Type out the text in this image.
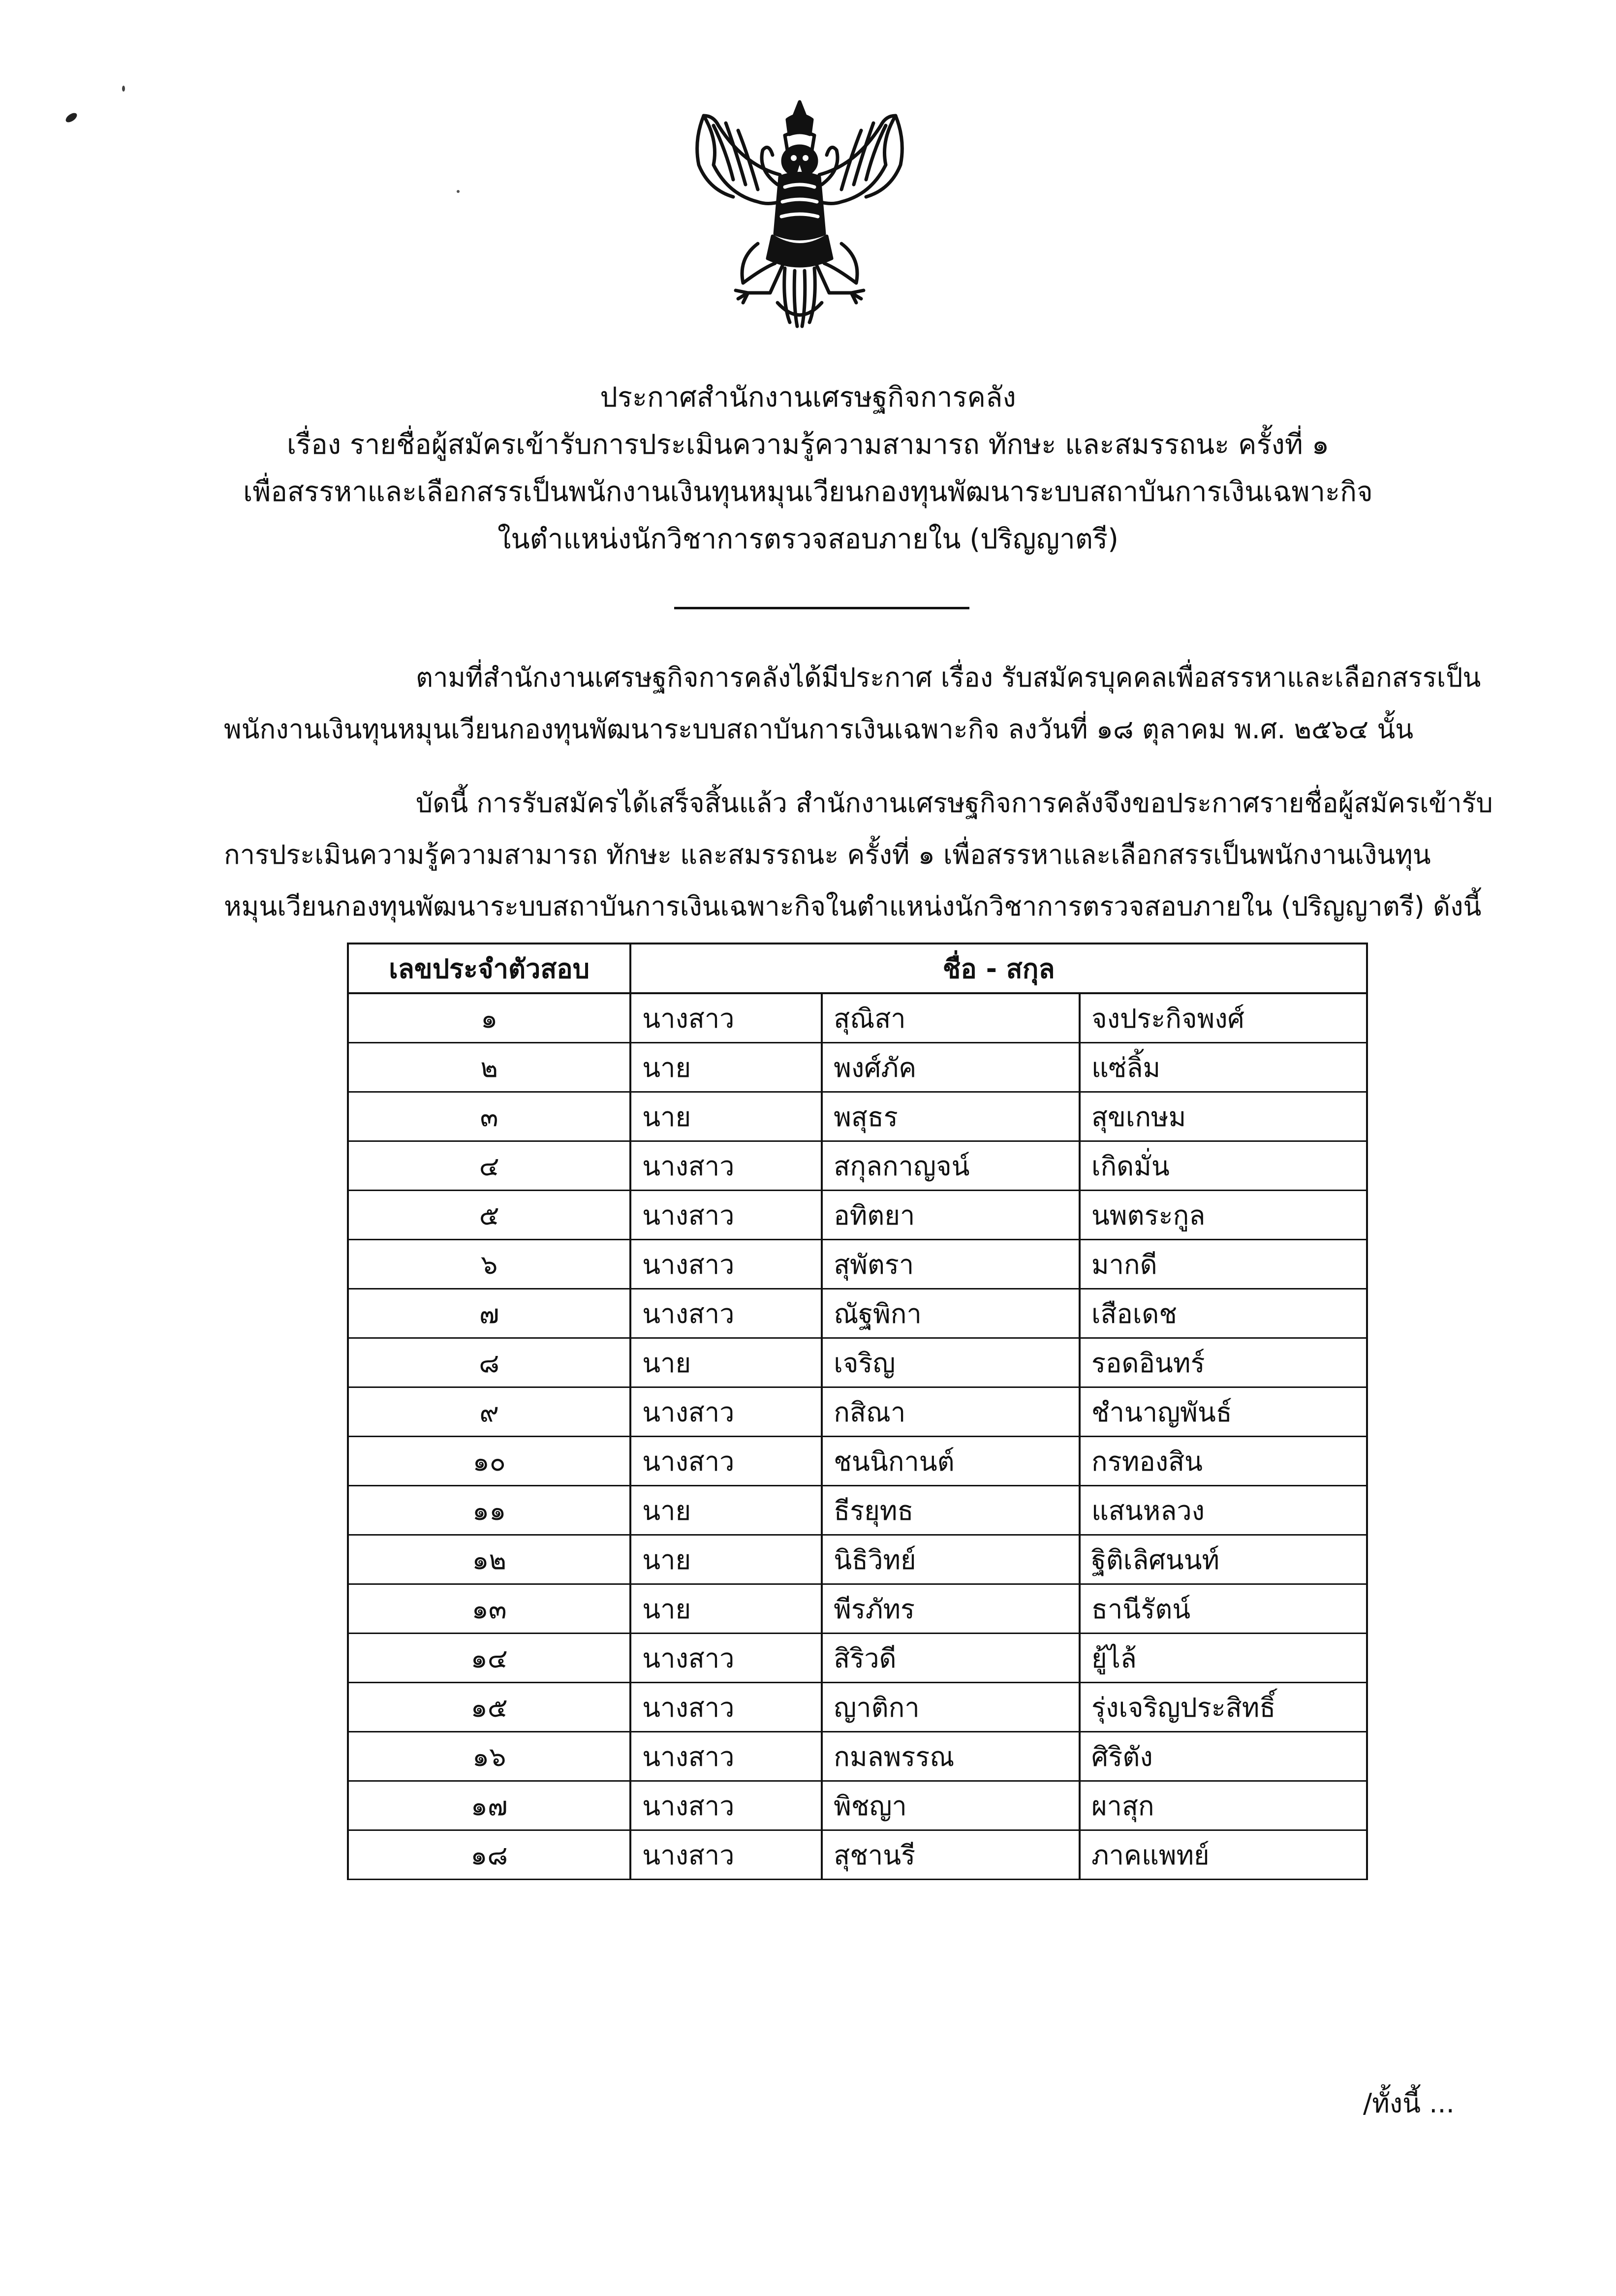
ประกาศสำนักงานเศรษฐกิจการคลัง
เรื่อง รายชื่อผู้สมัครเข้ารับการประเมินความรู้ความสามารถ ทักษะ และสมรรถนะ ครั้งที่ ๑
เพื่อสรรหาและเลือกสรรเป็นพนักงานเงินทุนหมุนเวียนกองทุนพัฒนาระบบสถาบันการเงินเฉพาะกิจ
ในตำแหน่งนักวิชาการตรวจสอบภายใน (ปริญญาตรี)
ตามที่สำนักงานเศรษฐกิจการคลังได้มีประกาศ เรื่อง รับสมัครบุคคลเพื่อสรรหาและเลือกสรรเป็น
พนักงานเงินทุนหมุนเวียนกองทุนพัฒนาระบบสถาบันการเงินเฉพาะกิจ ลงวันที่ ๑๘ ตุลาคม พ.ศ. ๒๕๖๔ นั้น
บัดนี้ การรับสมัครได้เสร็จสิ้นแล้ว สำนักงานเศรษฐกิจการคลังจึงขอประกาศรายชื่อผู้สมัครเข้ารับ
การประเมินความรู้ความสามารถ ทักษะ และสมรรถนะ ครั้งที่ ๑ เพื่อสรรหาและเลือกสรรเป็นพนักงานเงินทุน
หมุนเวียนกองทุนพัฒนาระบบสถาบันการเงินเฉพาะกิจในตำแหน่งนักวิชาการตรวจสอบภายใน (ปริญญาตรี) ดังนี้
เลขประจำตัวสอบ	ชื่อ - สกุล		
๑	นางสาว	สุณิสา	จงประกิจพงศ์
๒	นาย	พงศ์ภัค	แซ่ลิ้ม
๓	นาย	พสุธร	สุขเกษม
๔	นางสาว	สกุลกาญจน์	เกิดมั่น
๕	นางสาว	อทิตยา	นพตระกูล
๖	นางสาว	สุพัตรา	มากดี
๗	นางสาว	ณัฐพิกา	เสือเดช
๘	นาย	เจริญ	รอดอินทร์
๙	นางสาว	กสิณา	ชำนาญพันธ์
๑๐	นางสาว	ชนนิกานต์	กรทองสิน
๑๑	นาย	ธีรยุทธ	แสนหลวง
๑๒	นาย	นิธิวิทย์	ฐิติเลิศนนท์
๑๓	นาย	พีรภัทร	ธานีรัตน์
๑๔	นางสาว	สิริวดี	ยู้ไล้
๑๕	นางสาว	ญาติกา	รุ่งเจริญประสิทธิ์
๑๖	นางสาว	กมลพรรณ	ศิริตัง
๑๗	นางสาว	พิชญา	ผาสุก
๑๘	นางสาว	สุชานรี	ภาคแพทย์
/ทั้งนี้ ...
